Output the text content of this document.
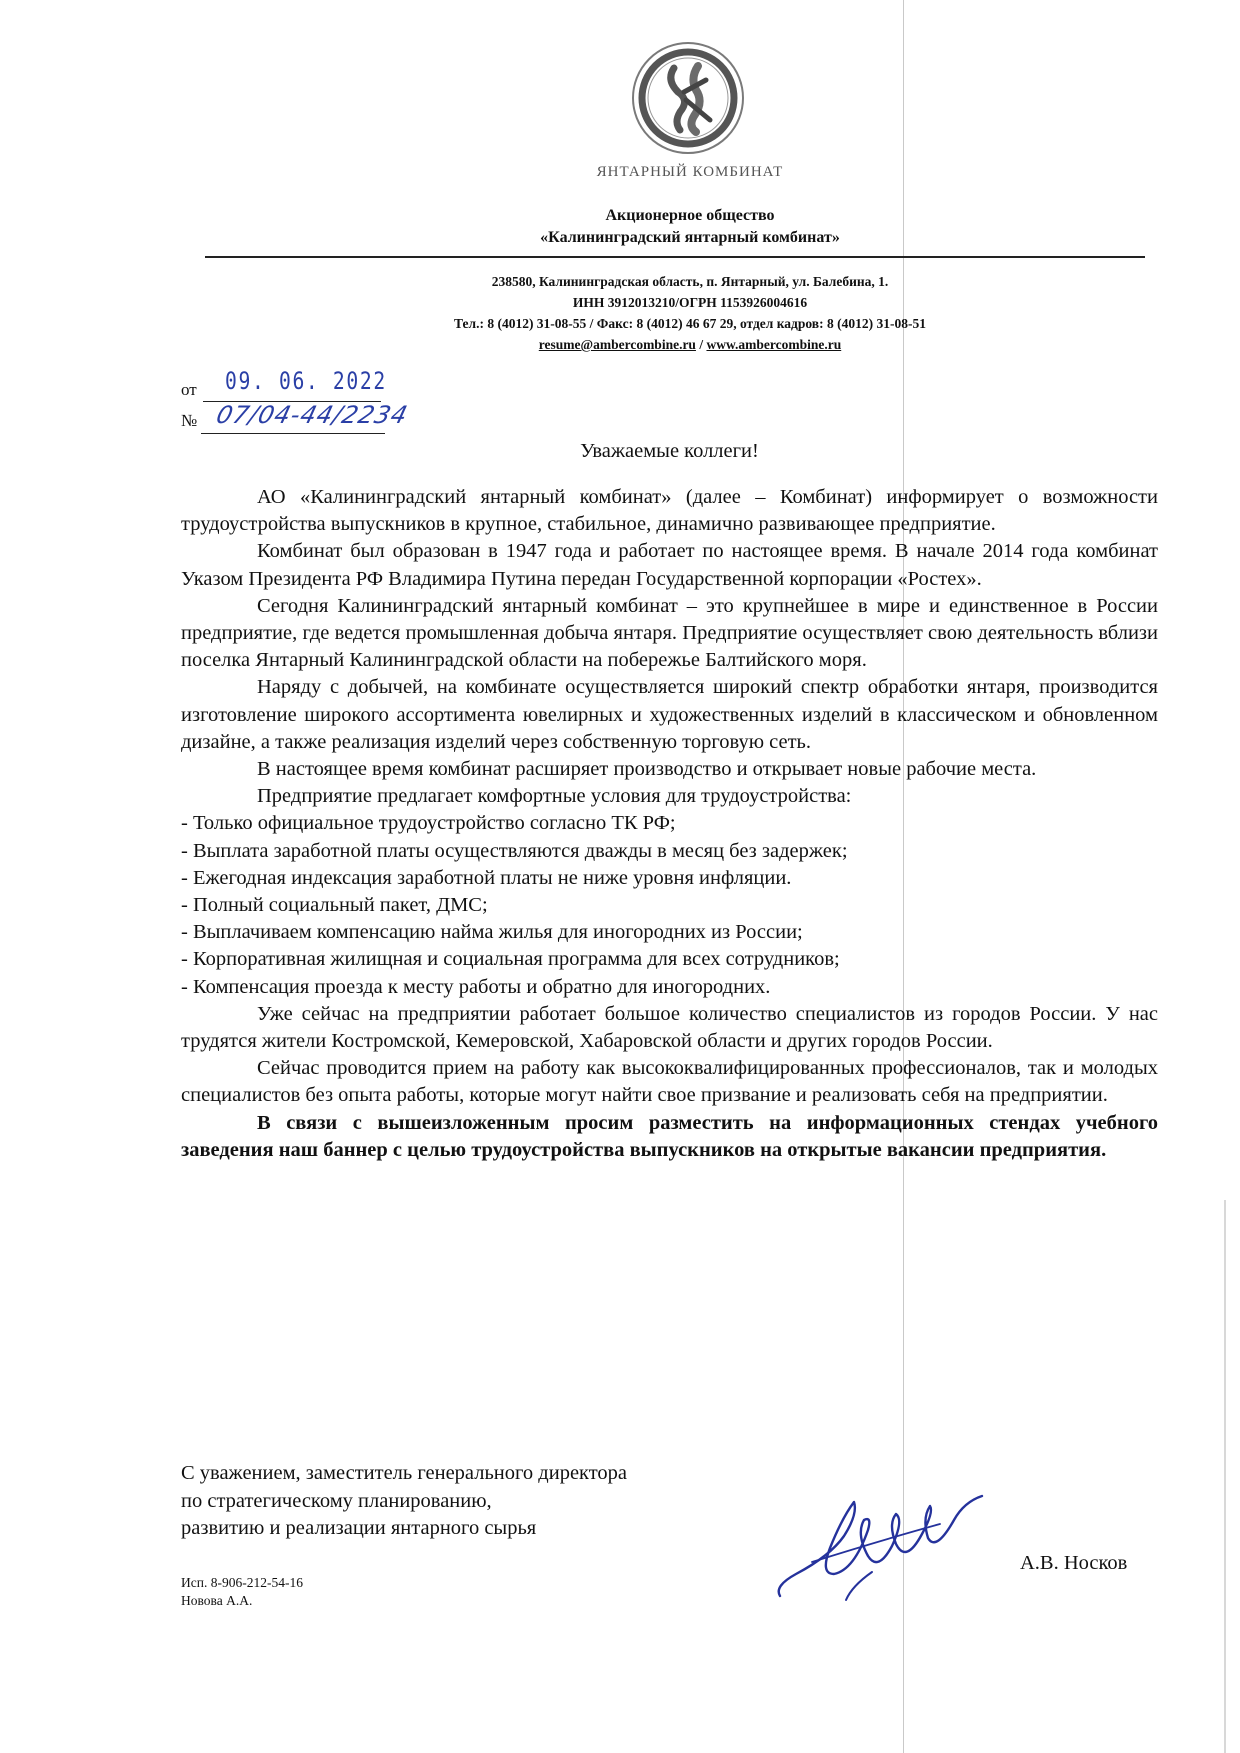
ЯНТАРНЫЙ КОМБИНАТ
Акционерное общество
«Калининградский янтарный комбинат»
238580, Калининградская область, п. Янтарный, ул. Балебина, 1.
ИНН 3912013210/ОГРН 1153926004616
Тел.: 8 (4012) 31-08-55 / Факс: 8 (4012) 46 67 29, отдел кадров: 8 (4012) 31-08-51
resume@ambercombine.ru / www.ambercombine.ru
от 09. 06. 2022
№ 07/04-44/2234
Уважаемые коллеги!

АО «Калининградский янтарный комбинат» (далее – Комбинат) информирует о возможности трудоустройства выпускников в крупное, стабильное, динамично развивающее предприятие.

Комбинат был образован в 1947 года и работает по настоящее время. В начале 2014 года комбинат Указом Президента РФ Владимира Путина передан Государственной корпорации «Ростех».

Сегодня Калининградский янтарный комбинат – это крупнейшее в мире и единственное в России предприятие, где ведется промышленная добыча янтаря. Предприятие осуществляет свою деятельность вблизи поселка Янтарный Калининградской области на побережье Балтийского моря.

Наряду с добычей, на комбинате осуществляется широкий спектр обработки янтаря, производится изготовление широкого ассортимента ювелирных и художественных изделий в классическом и обновленном дизайне, а также реализация изделий через собственную торговую сеть.

В настоящее время комбинат расширяет производство и открывает новые рабочие места.

Предприятие предлагает комфортные условия для трудоустройства:

- Только официальное трудоустройство согласно ТК РФ;
- Выплата заработной платы осуществляются дважды в месяц без задержек;
- Ежегодная индексация заработной платы не ниже уровня инфляции.
- Полный социальный пакет, ДМС;
- Выплачиваем компенсацию найма жилья для иногородних из России;
- Корпоративная жилищная и социальная программа для всех сотрудников;
- Компенсация проезда к месту работы и обратно для иногородних.

Уже сейчас на предприятии работает большое количество специалистов из городов России. У нас трудятся жители Костромской, Кемеровской, Хабаровской области и других городов России.

Сейчас проводится прием на работу как высококвалифицированных профессионалов, так и молодых специалистов без опыта работы, которые могут найти свое призвание и реализовать себя на предприятии.

В связи с вышеизложенным просим разместить на информационных стендах учебного заведения наш баннер с целью трудоустройства выпускников на открытые вакансии предприятия.

С уважением, заместитель генерального директора
по стратегическому планированию,
развитию и реализации янтарного сырья
А.В. Носков
Исп. 8-906-212-54-16
Новова А.А.
